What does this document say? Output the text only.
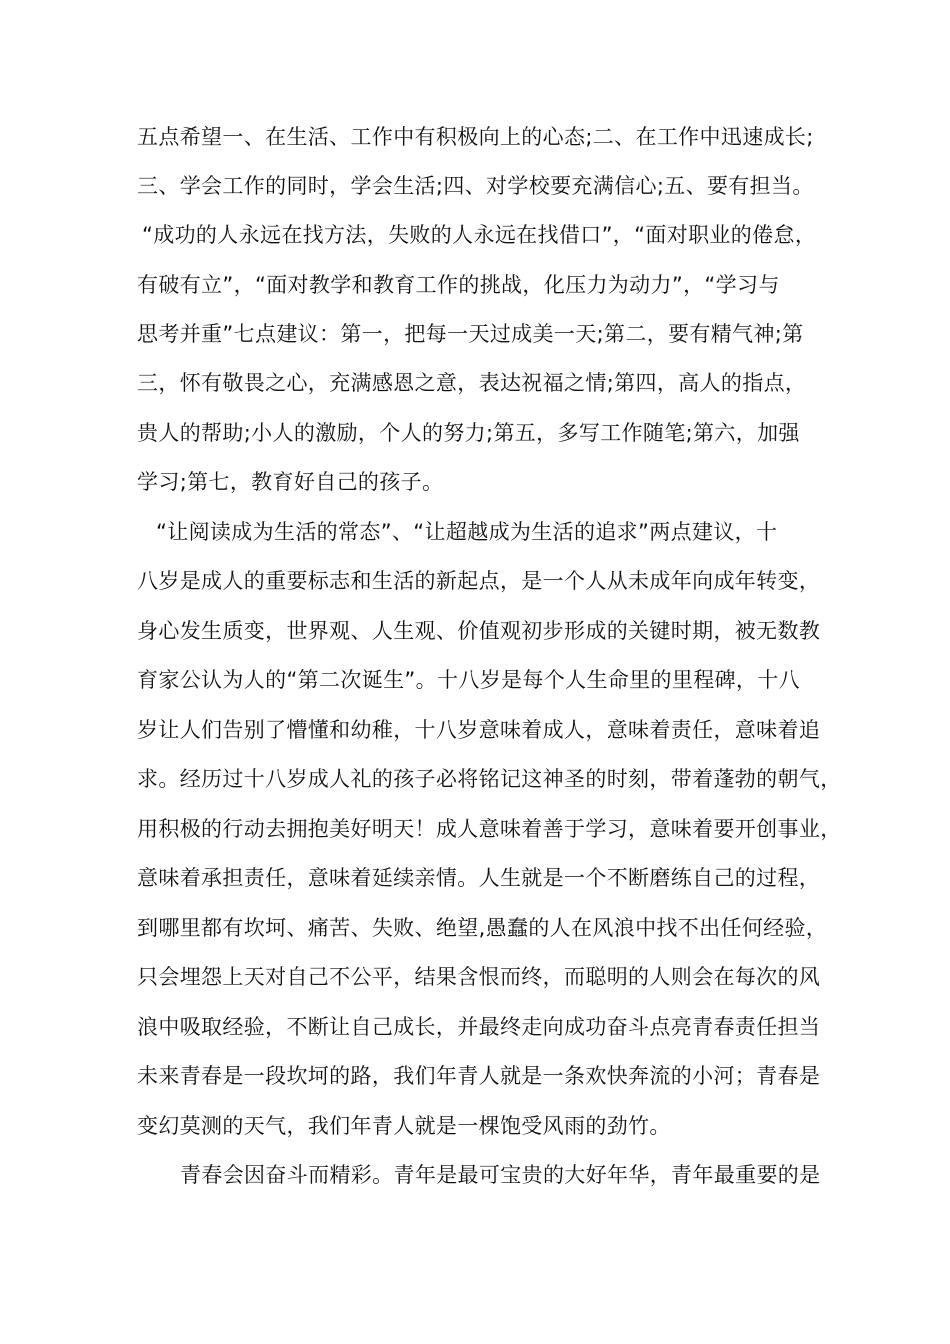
五点希望一、在生活、工作中有积极向上的心态;二、在工作中迅速成长;
三、学会工作的同时，学会生活;四、对学校要充满信心;五、要有担当。
“成功的人永远在找方法，失败的人永远在找借口”，“面对职业的倦怠，
有破有立”，“面对教学和教育工作的挑战，化压力为动力”，“学习与
思考并重”七点建议：第一，把每一天过成美一天;第二，要有精气神;第
三，怀有敬畏之心，充满感恩之意，表达祝福之情;第四，高人的指点，
贵人的帮助;小人的激励，个人的努力;第五，多写工作随笔;第六，加强
学习;第七，教育好自己的孩子。
“让阅读成为生活的常态”、“让超越成为生活的追求”两点建议，十
八岁是成人的重要标志和生活的新起点，是一个人从未成年向成年转变，
身心发生质变，世界观、人生观、价值观初步形成的关键时期，被无数教
育家公认为人的“第二次诞生”。十八岁是每个人生命里的里程碑，十八
岁让人们告别了懵懂和幼稚，十八岁意味着成人，意味着责任，意味着追
求。经历过十八岁成人礼的孩子必将铭记这神圣的时刻，带着蓬勃的朝气，
用积极的行动去拥抱美好明天！成人意味着善于学习，意味着要开创事业，
意味着承担责任，意味着延续亲情。人生就是一个不断磨练自己的过程，
到哪里都有坎坷、痛苦、失败、绝望,愚蠢的人在风浪中找不出任何经验，
只会埋怨上天对自己不公平，结果含恨而终，而聪明的人则会在每次的风
浪中吸取经验，不断让自己成长，并最终走向成功奋斗点亮青春责任担当
未来青春是一段坎坷的路，我们年青人就是一条欢快奔流的小河；青春是
变幻莫测的天气，我们年青人就是一棵饱受风雨的劲竹。
青春会因奋斗而精彩。青年是最可宝贵的大好年华，青年最重要的是
